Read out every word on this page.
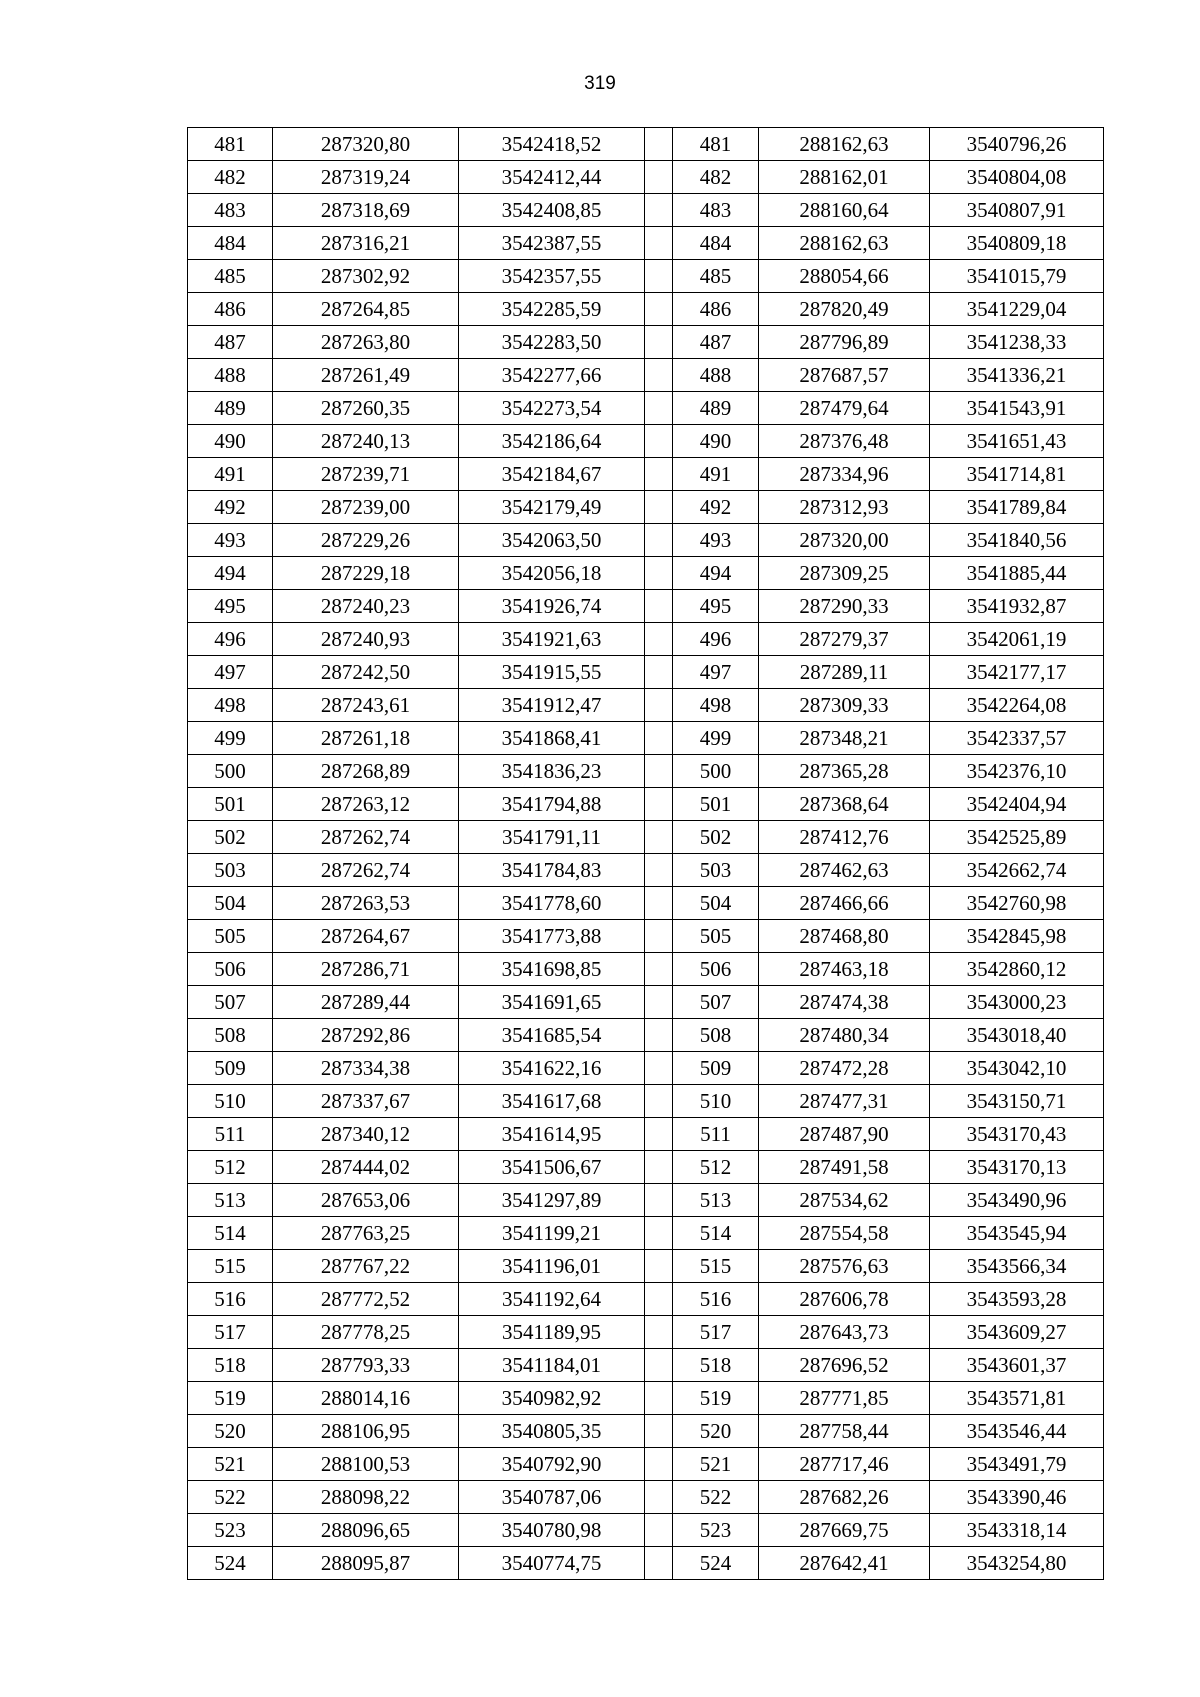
319
481	287320,80	3542418,52		481	288162,63	3540796,26
482	287319,24	3542412,44		482	288162,01	3540804,08
483	287318,69	3542408,85		483	288160,64	3540807,91
484	287316,21	3542387,55		484	288162,63	3540809,18
485	287302,92	3542357,55		485	288054,66	3541015,79
486	287264,85	3542285,59		486	287820,49	3541229,04
487	287263,80	3542283,50		487	287796,89	3541238,33
488	287261,49	3542277,66		488	287687,57	3541336,21
489	287260,35	3542273,54		489	287479,64	3541543,91
490	287240,13	3542186,64		490	287376,48	3541651,43
491	287239,71	3542184,67		491	287334,96	3541714,81
492	287239,00	3542179,49		492	287312,93	3541789,84
493	287229,26	3542063,50		493	287320,00	3541840,56
494	287229,18	3542056,18		494	287309,25	3541885,44
495	287240,23	3541926,74		495	287290,33	3541932,87
496	287240,93	3541921,63		496	287279,37	3542061,19
497	287242,50	3541915,55		497	287289,11	3542177,17
498	287243,61	3541912,47		498	287309,33	3542264,08
499	287261,18	3541868,41		499	287348,21	3542337,57
500	287268,89	3541836,23		500	287365,28	3542376,10
501	287263,12	3541794,88		501	287368,64	3542404,94
502	287262,74	3541791,11		502	287412,76	3542525,89
503	287262,74	3541784,83		503	287462,63	3542662,74
504	287263,53	3541778,60		504	287466,66	3542760,98
505	287264,67	3541773,88		505	287468,80	3542845,98
506	287286,71	3541698,85		506	287463,18	3542860,12
507	287289,44	3541691,65		507	287474,38	3543000,23
508	287292,86	3541685,54		508	287480,34	3543018,40
509	287334,38	3541622,16		509	287472,28	3543042,10
510	287337,67	3541617,68		510	287477,31	3543150,71
511	287340,12	3541614,95		511	287487,90	3543170,43
512	287444,02	3541506,67		512	287491,58	3543170,13
513	287653,06	3541297,89		513	287534,62	3543490,96
514	287763,25	3541199,21		514	287554,58	3543545,94
515	287767,22	3541196,01		515	287576,63	3543566,34
516	287772,52	3541192,64		516	287606,78	3543593,28
517	287778,25	3541189,95		517	287643,73	3543609,27
518	287793,33	3541184,01		518	287696,52	3543601,37
519	288014,16	3540982,92		519	287771,85	3543571,81
520	288106,95	3540805,35		520	287758,44	3543546,44
521	288100,53	3540792,90		521	287717,46	3543491,79
522	288098,22	3540787,06		522	287682,26	3543390,46
523	288096,65	3540780,98		523	287669,75	3543318,14
524	288095,87	3540774,75		524	287642,41	3543254,80
